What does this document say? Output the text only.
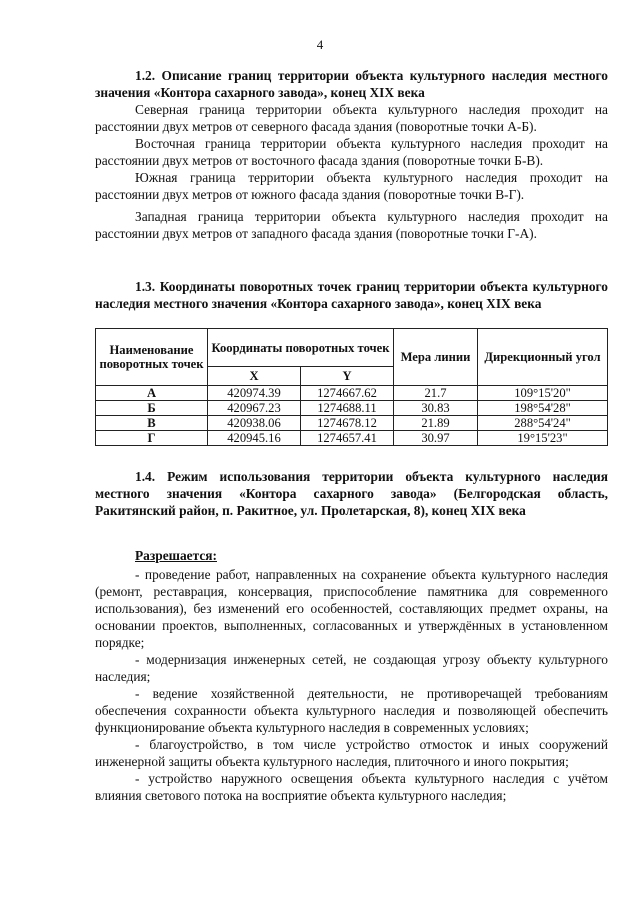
4

1.2. Описание границ территории объекта культурного наследия местного значения «Контора сахарного завода», конец XIX века

Северная граница территории объекта культурного наследия проходит на расстоянии двух метров от северного фасада здания (поворотные точки А-Б).

Восточная граница территории объекта культурного наследия проходит на расстоянии двух метров от восточного фасада здания (поворотные точки Б-В).

Южная граница территории объекта культурного наследия проходит на расстоянии двух метров от южного фасада здания (поворотные точки В-Г).

Западная граница территории объекта культурного наследия проходит на расстоянии двух метров от западного фасада здания (поворотные точки Г-А).

1.3. Координаты поворотных точек границ территории объекта культурного наследия местного значения «Контора сахарного завода», конец XIX века

Наименование поворотных точек	Координаты поворотных точек		Мера линии	Дирекционный угол
	X	Y		
А	420974.39	1274667.62	21.7	109°15'20"
Б	420967.23	1274688.11	30.83	198°54'28"
В	420938.06	1274678.12	21.89	288°54'24"
Г	420945.16	1274657.41	30.97	19°15'23"

1.4. Режим использования территории объекта культурного наследия местного значения «Контора сахарного завода» (Белгородская область, Ракитянский район, п. Ракитное, ул. Пролетарская, 8), конец XIX века

Разрешается:

- проведение работ, направленных на сохранение объекта культурного наследия (ремонт, реставрация, консервация, приспособление памятника для современного использования), без изменений его особенностей, составляющих предмет охраны, на основании проектов, выполненных, согласованных и утверждённых в установленном порядке;

- модернизация инженерных сетей, не создающая угрозу объекту культурного наследия;

- ведение хозяйственной деятельности, не противоречащей требованиям обеспечения сохранности объекта культурного наследия и позволяющей обеспечить функционирование объекта культурного наследия в современных условиях;

- благоустройство, в том числе устройство отмосток и иных сооружений инженерной защиты объекта культурного наследия, плиточного и иного покрытия;

- устройство наружного освещения объекта культурного наследия с учётом влияния светового потока на восприятие объекта культурного наследия;
